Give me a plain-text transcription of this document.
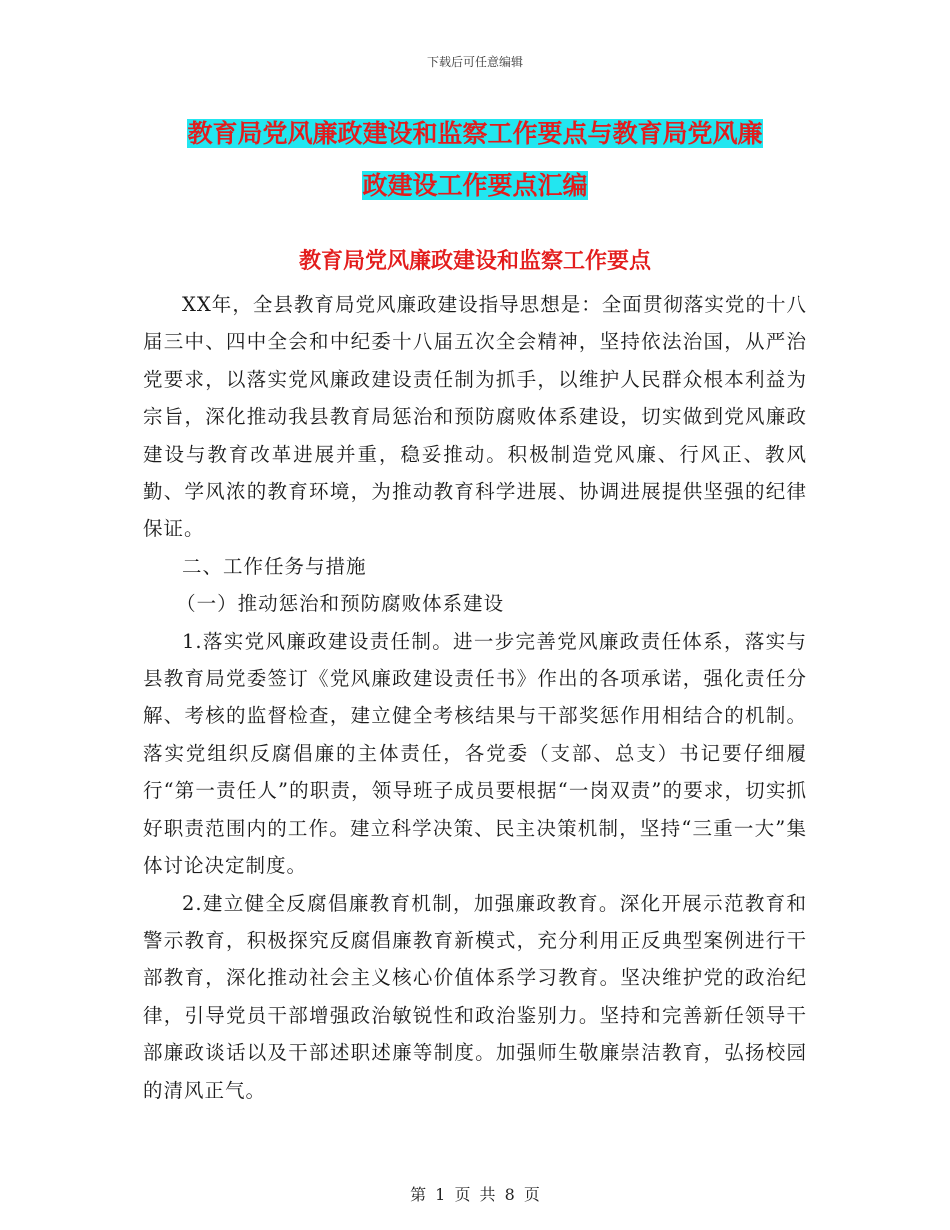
下载后可任意编辑
教育局党风廉政建设和监察工作要点与教育局党风廉
政建设工作要点汇编
教育局党风廉政建设和监察工作要点

XX年，全县教育局党风廉政建设指导思想是：全面贯彻落实党的十八届三中、四中全会和中纪委十八届五次全会精神，坚持依法治国，从严治党要求，以落实党风廉政建设责任制为抓手，以维护人民群众根本利益为宗旨，深化推动我县教育局惩治和预防腐败体系建设，切实做到党风廉政建设与教育改革进展并重，稳妥推动。积极制造党风廉、行风正、教风勤、学风浓的教育环境，为推动教育科学进展、协调进展提供坚强的纪律保证。

二、工作任务与措施

（一）推动惩治和预防腐败体系建设

1.落实党风廉政建设责任制。进一步完善党风廉政责任体系，落实与县教育局党委签订《党风廉政建设责任书》作出的各项承诺，强化责任分解、考核的监督检查，建立健全考核结果与干部奖惩作用相结合的机制。落实党组织反腐倡廉的主体责任，各党委（支部、总支）书记要仔细履行“第一责任人”的职责，领导班子成员要根据“一岗双责”的要求，切实抓好职责范围内的工作。建立科学决策、民主决策机制，坚持“三重一大”集体讨论决定制度。

2.建立健全反腐倡廉教育机制，加强廉政教育。深化开展示范教育和警示教育，积极探究反腐倡廉教育新模式，充分利用正反典型案例进行干部教育，深化推动社会主义核心价值体系学习教育。坚决维护党的政治纪律，引导党员干部增强政治敏锐性和政治鉴别力。坚持和完善新任领导干部廉政谈话以及干部述职述廉等制度。加强师生敬廉崇洁教育，弘扬校园的清风正气。

第 1 页 共 8 页
